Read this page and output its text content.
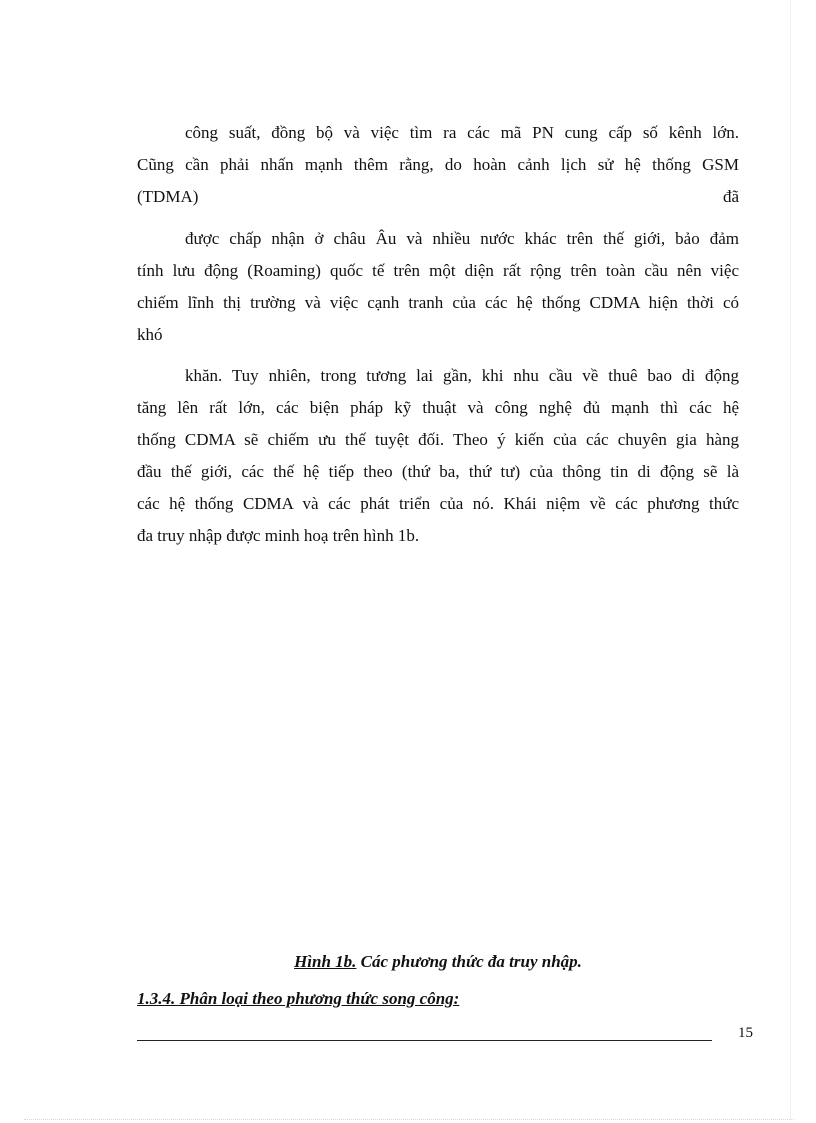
công suất, đồng bộ và việc tìm ra các mã PN cung cấp số kênh lớn.
Cũng cần phải nhấn mạnh thêm rằng, do hoàn cảnh lịch sử hệ thống GSM
(TDMA)	đã
được chấp nhận ở châu Âu và nhiều nước khác trên thế giới, bảo đảm
tính lưu động (Roaming) quốc tế trên một diện rất rộng trên toàn cầu nên việc
chiếm lĩnh thị trường và việc cạnh tranh của các hệ thống CDMA hiện thời có
khó
khăn. Tuy nhiên, trong tương lai gần, khi nhu cầu về thuê bao di động
tăng lên rất lớn, các biện pháp kỹ thuật và công nghệ đủ mạnh thì các hệ
thống CDMA sẽ chiếm ưu thế tuyệt đối. Theo ý kiến của các chuyên gia hàng
đầu thế giới, các thế hệ tiếp theo (thứ ba, thứ tư) của thông tin di động sẽ là
các hệ thống CDMA và các phát triển của nó. Khái niệm về các phương thức
đa truy nhập được minh hoạ trên hình 1b.
Hình 1b. Các phương thức đa truy nhập.
1.3.4. Phân loại theo phương thức song công:
15
